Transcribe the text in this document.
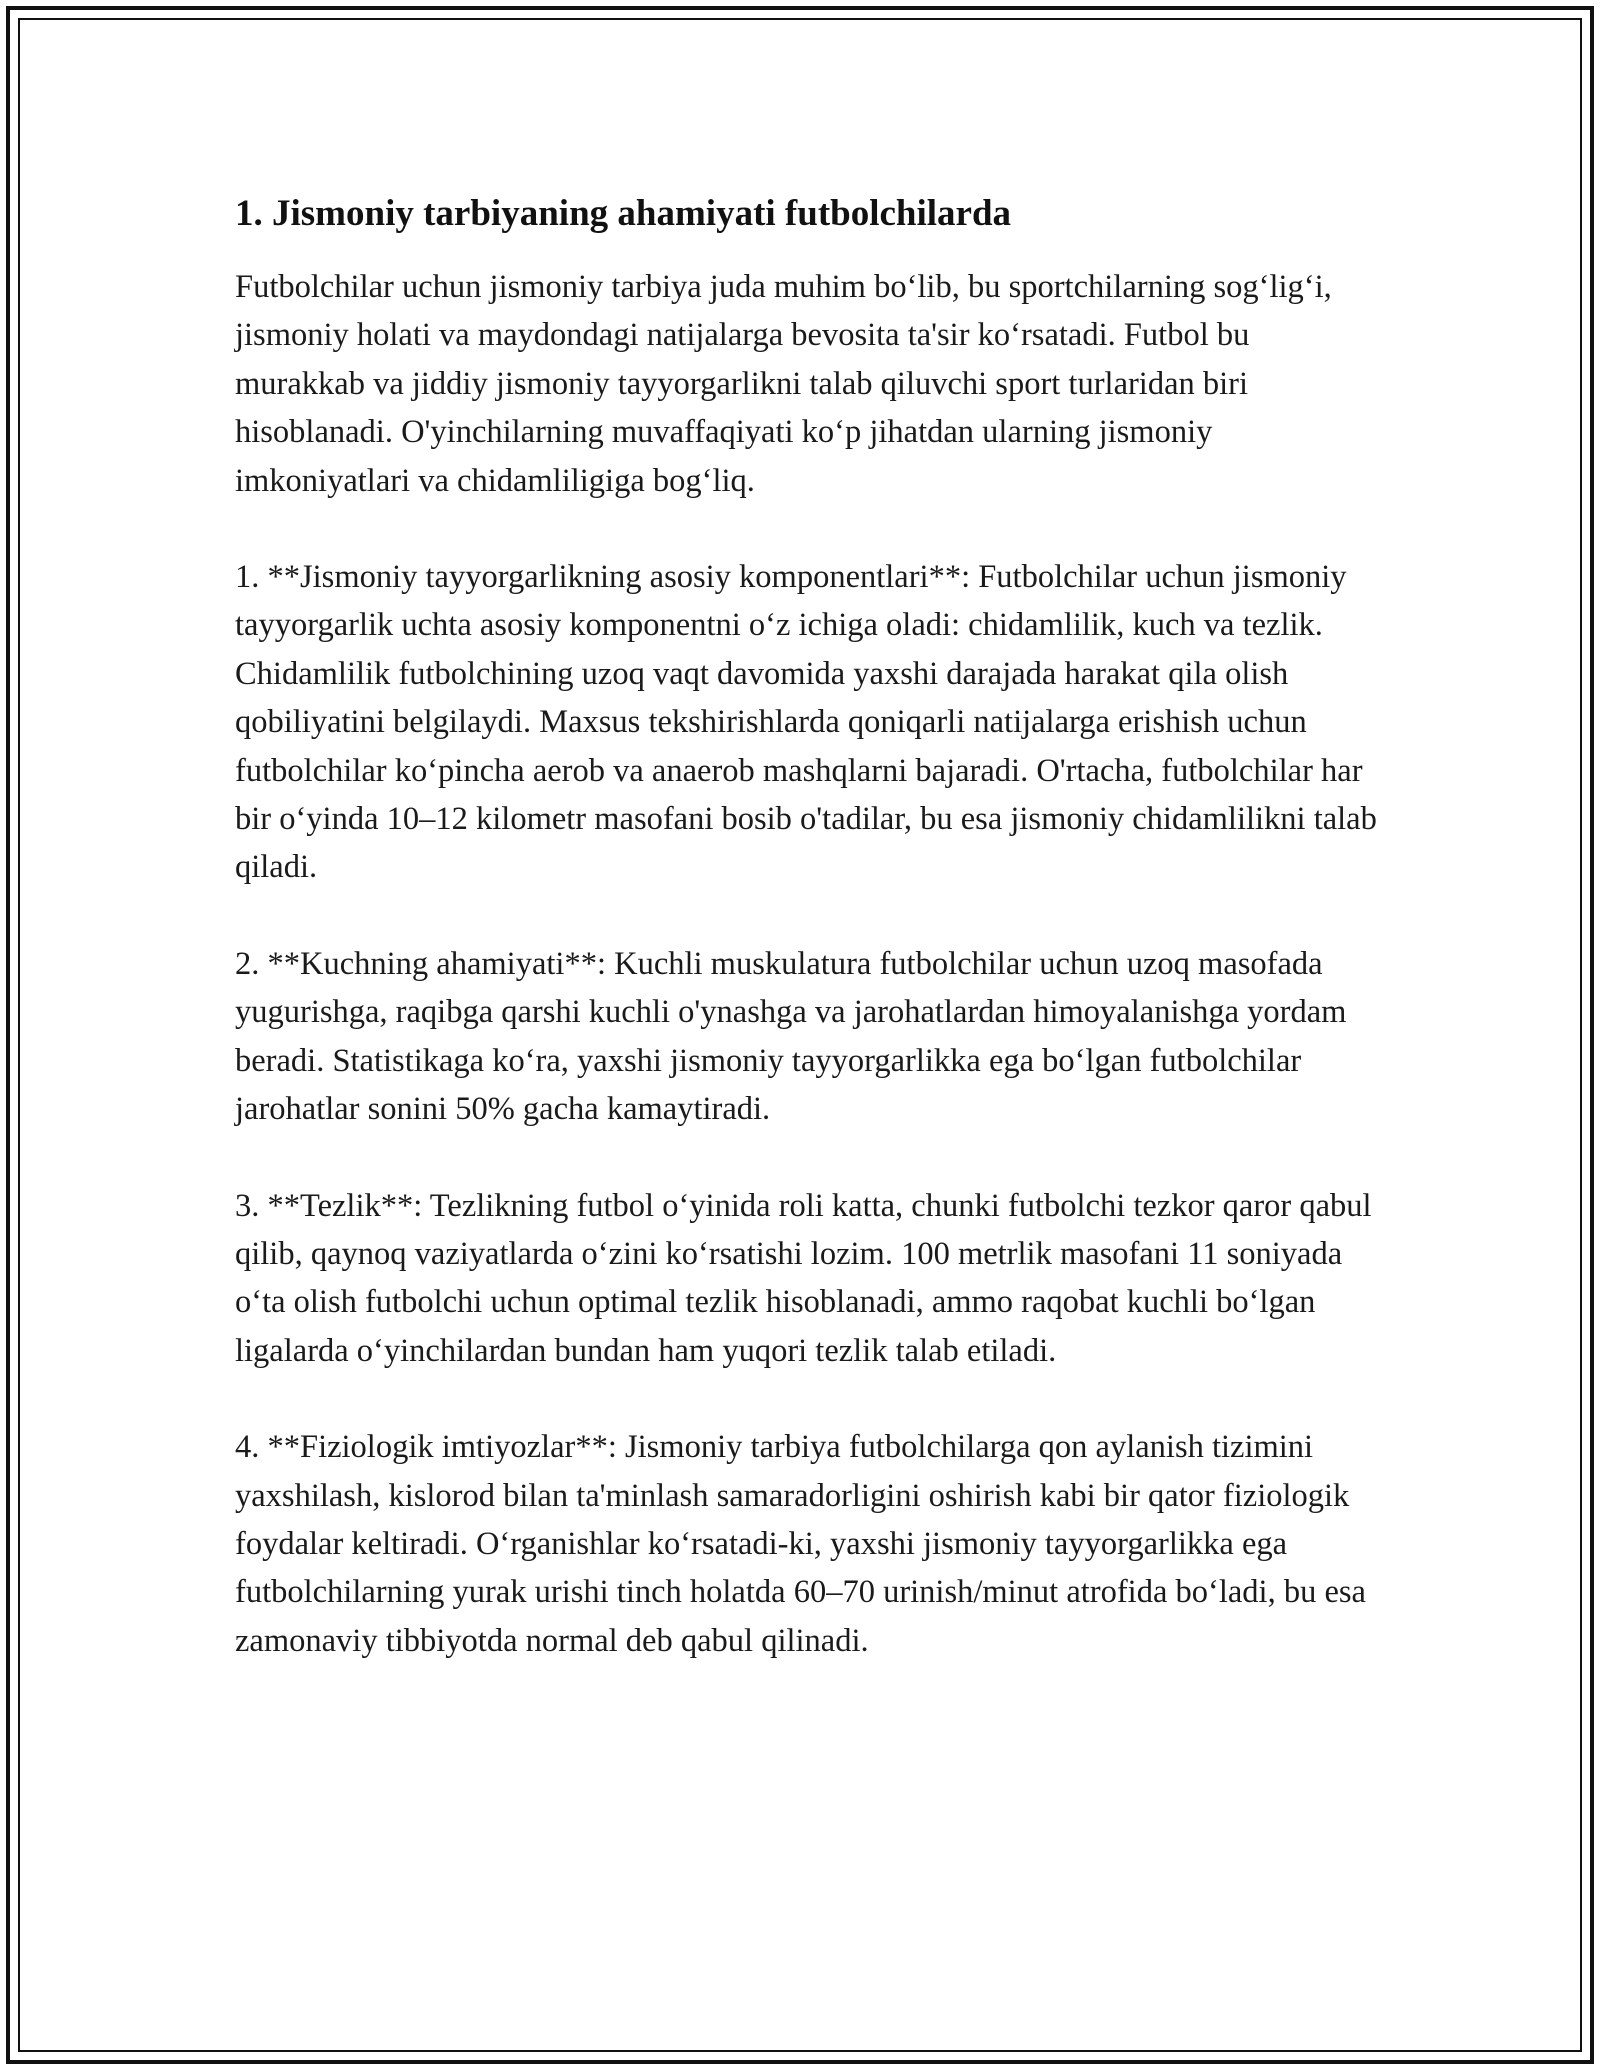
1. Jismoniy tarbiyaning ahamiyati futbolchilarda

Futbolchilar uchun jismoniy tarbiya juda muhim bo‘lib, bu sportchilarning sog‘lig‘i, jismoniy holati va maydondagi natijalarga bevosita ta'sir ko‘rsatadi. Futbol bu murakkab va jiddiy jismoniy tayyorgarlikni talab qiluvchi sport turlaridan biri hisoblanadi. O'yinchilarning muvaffaqiyati ko‘p jihatdan ularning jismoniy imkoniyatlari va chidamliligiga bog‘liq.

1. **Jismoniy tayyorgarlikning asosiy komponentlari**: Futbolchilar uchun jismoniy tayyorgarlik uchta asosiy komponentni o‘z ichiga oladi: chidamlilik, kuch va tezlik. Chidamlilik futbolchining uzoq vaqt davomida yaxshi darajada harakat qila olish qobiliyatini belgilaydi. Maxsus tekshirishlarda qoniqarli natijalarga erishish uchun futbolchilar ko‘pincha aerob va anaerob mashqlarni bajaradi. O'rtacha, futbolchilar har bir o‘yinda 10–12 kilometr masofani bosib o'tadilar, bu esa jismoniy chidamlilikni talab qiladi.

2. **Kuchning ahamiyati**: Kuchli muskulatura futbolchilar uchun uzoq masofada yugurishga, raqibga qarshi kuchli o'ynashga va jarohatlardan himoyalanishga yordam beradi. Statistikaga ko‘ra, yaxshi jismoniy tayyorgarlikka ega bo‘lgan futbolchilar jarohatlar sonini 50% gacha kamaytiradi.

3. **Tezlik**: Tezlikning futbol o‘yinida roli katta, chunki futbolchi tezkor qaror qabul qilib, qaynoq vaziyatlarda o‘zini ko‘rsatishi lozim. 100 metrlik masofani 11 soniyada o‘ta olish futbolchi uchun optimal tezlik hisoblanadi, ammo raqobat kuchli bo‘lgan ligalarda o‘yinchilardan bundan ham yuqori tezlik talab etiladi.

4. **Fiziologik imtiyozlar**: Jismoniy tarbiya futbolchilarga qon aylanish tizimini yaxshilash, kislorod bilan ta'minlash samaradorligini oshirish kabi bir qator fiziologik foydalar keltiradi. O‘rganishlar ko‘rsatadi-ki, yaxshi jismoniy tayyorgarlikka ega futbolchilarning yurak urishi tinch holatda 60–70 urinish/minut atrofida bo‘ladi, bu esa zamonaviy tibbiyotda normal deb qabul qilinadi.
